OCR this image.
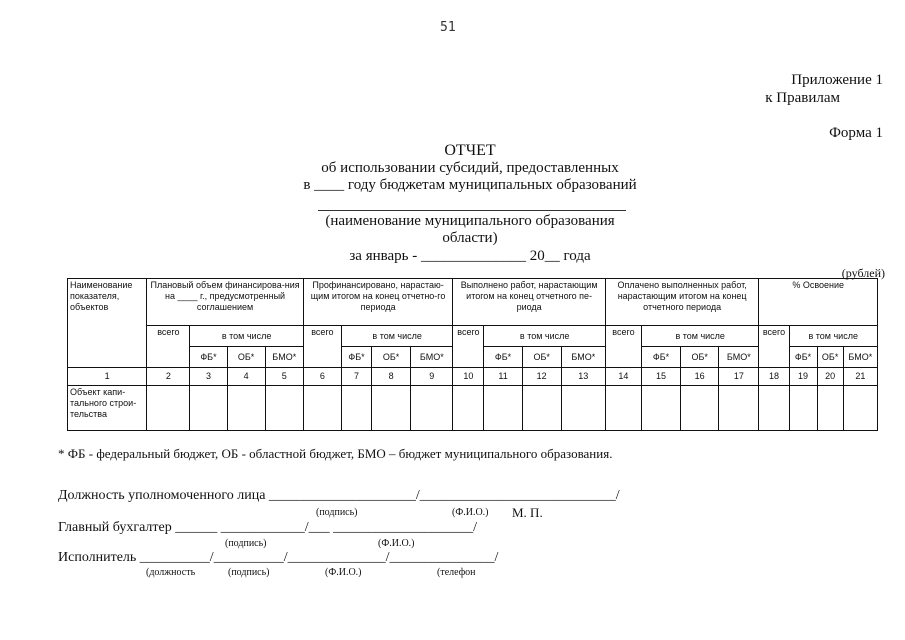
51
Приложение 1
к Правилам
Форма 1
ОТЧЕТ
об использовании субсидий, предоставленных
в ____ году бюджетам муниципальных образований
(наименование муниципального образования
области)
за январь - ______________ 20__ года
(рублей)
Наименование показателя, объектов	Плановый объем финансирова-ния на ____ г., предусмотренный соглашением				Профинансировано, нарастаю-щим итогом на конец отчетно-го периода				Выполнено работ, нарастающим итогом на конец отчетного пе-риода				Оплачено выполненных работ, нарастающим итогом на конец отчетного периода				% Освоение			
	всего	в том числе			всего	в том числе			всего	в том числе			всего	в том числе			всего	в том числе		
		ФБ*	ОБ*	БМО*		ФБ*	ОБ*	БМО*		ФБ*	ОБ*	БМО*		ФБ*	ОБ*	БМО*		ФБ*	ОБ*	БМО*
1	2	3	4	5	6	7	8	9	10	11	12	13	14	15	16	17	18	19	20	21
Объект капи-тального строи-тельства																				
* ФБ - федеральный бюджет, ОБ - областной бюджет, БМО – бюджет муниципального образования.
Должность уполномоченного лица _____________________/____________________________/
(подпись)	(Ф.И.О.) М. П.
Главный бухгалтер ______ ____________/___ ____________________/
(подпись)	(Ф.И.О.)
Исполнитель __________/__________/______________/_______________/
(должность	(подпись)	(Ф.И.О.)	(телефон
